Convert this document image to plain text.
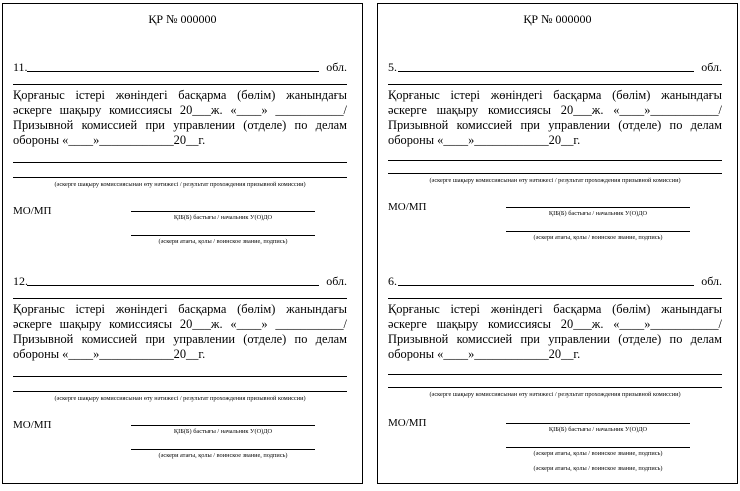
ҚР № 000000
11.	обл.

Қорғаныс істері жөніндегі басқарма (бөлім) жанындағы

әскерге шақыру комиссиясы 20___ж. «____» ___________/

Призывной комиссией при управлении (отделе) по делам

обороны «____»____________20__г.

(әскерге шақыру комиссиясынан өту нәтижесі / результат прохождения призывной комиссии)
МО/МП
ҚІБ(Б) бастығы / начальник У(О)ДО
(әскери атағы, қолы / воинское звание, подпись)
12.	обл.

Қорғаныс істері жөніндегі басқарма (бөлім) жанындағы

әскерге шақыру комиссиясы 20___ж. «____» ___________/

Призывной комиссией при управлении (отделе) по делам

обороны «____»____________20__г.

(әскерге шақыру комиссиясынан өту нәтижесі / результат прохождения призывной комиссии)
МО/МП
ҚІБ(Б) бастығы / начальник У(О)ДО
(әскери атағы, қолы / воинское звание, подпись)
ҚР № 000000
5.	обл.

Қорғаныс істері жөніндегі басқарма (бөлім) жанындағы

әскерге шақыру комиссиясы 20___ж. «____»___________/

Призывной комиссией при управлении (отделе) по делам

обороны «____»____________20__г.

(әскерге шақыру комиссиясынан өту нәтижесі / результат прохождения призывной комиссии)
МО/МП
ҚІБ(Б) бастығы / начальник У(О)ДО
(әскери атағы, қолы / воинское звание, подпись)
6.	обл.

Қорғаныс істері жөніндегі басқарма (бөлім) жанындағы

әскерге шақыру комиссиясы 20___ж. «____»___________/

Призывной комиссией при управлении (отделе) по делам

обороны «____»____________20__г.

(әскерге шақыру комиссиясынан өту нәтижесі / результат прохождения призывной комиссии)
МО/МП
ҚІБ(Б) бастығы / начальник У(О)ДО
(әскери атағы, қолы / воинское звание, подпись)
(әскери атағы, қолы / воинское звание, подпись)
